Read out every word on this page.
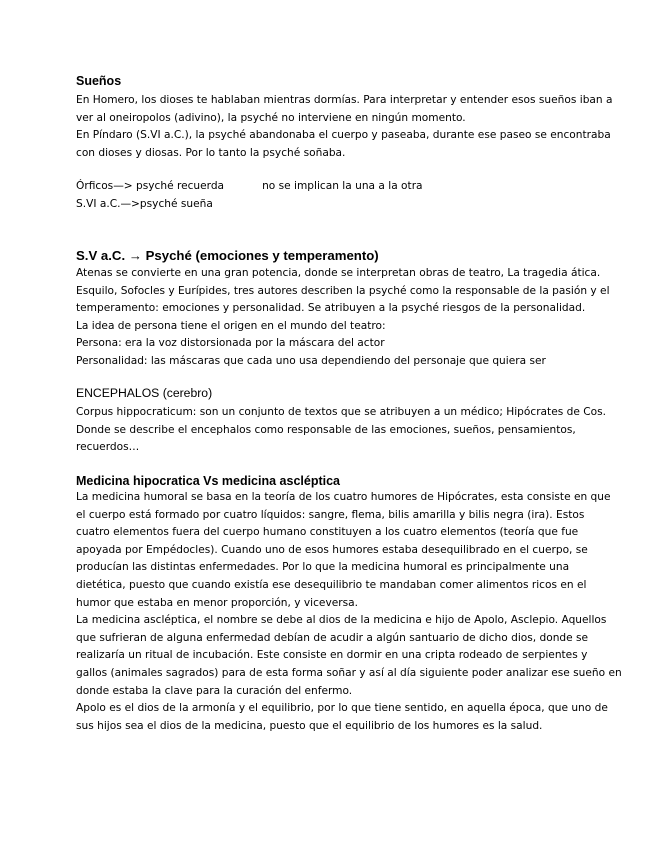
Sueños

En Homero, los dioses te hablaban mientras dormías. Para interpretar y entender esos sueños iban a

ver al oneiropolos (adivino), la psyché no interviene en ningún momento.

En Píndaro (S.VI a.C.), la psyché abandonaba el cuerpo y paseaba, durante ese paseo se encontraba

con dioses y diosas. Por lo tanto la psyché soñaba.

Órficos—> psyché recuerda	no se implican la una a la otra

S.VI a.C.—>psyché sueña

S.V a.C. → Psyché (emociones y temperamento)

Atenas se convierte en una gran potencia, donde se interpretan obras de teatro, La tragedia ática.

Esquilo, Sofocles y Eurípides, tres autores describen la psyché como la responsable de la pasión y el

temperamento: emociones y personalidad. Se atribuyen a la psyché riesgos de la personalidad.

La idea de persona tiene el origen en el mundo del teatro:

Persona: era la voz distorsionada por la máscara del actor

Personalidad: las máscaras que cada uno usa dependiendo del personaje que quiera ser

ENCEPHALOS (cerebro)

Corpus hippocraticum: son un conjunto de textos que se atribuyen a un médico; Hipócrates de Cos.

Donde se describe el encephalos como responsable de las emociones, sueños, pensamientos,

recuerdos…

Medicina hipocratica Vs medicina ascléptica

La medicina humoral se basa en la teoría de los cuatro humores de Hipócrates, esta consiste en que

el cuerpo está formado por cuatro líquidos: sangre, flema, bilis amarilla y bilis negra (ira). Estos

cuatro elementos fuera del cuerpo humano constituyen a los cuatro elementos (teoría que fue

apoyada por Empédocles). Cuando uno de esos humores estaba desequilibrado en el cuerpo, se

producían las distintas enfermedades. Por lo que la medicina humoral es principalmente una

dietética, puesto que cuando existía ese desequilibrio te mandaban comer alimentos ricos en el

humor que estaba en menor proporción, y viceversa.

La medicina ascléptica, el nombre se debe al dios de la medicina e hijo de Apolo, Asclepio. Aquellos

que sufrieran de alguna enfermedad debían de acudir a algún santuario de dicho dios, donde se

realizaría un ritual de incubación. Este consiste en dormir en una cripta rodeado de serpientes y

gallos (animales sagrados) para de esta forma soñar y así al día siguiente poder analizar ese sueño en

donde estaba la clave para la curación del enfermo.

Apolo es el dios de la armonía y el equilibrio, por lo que tiene sentido, en aquella época, que uno de

sus hijos sea el dios de la medicina, puesto que el equilibrio de los humores es la salud.
